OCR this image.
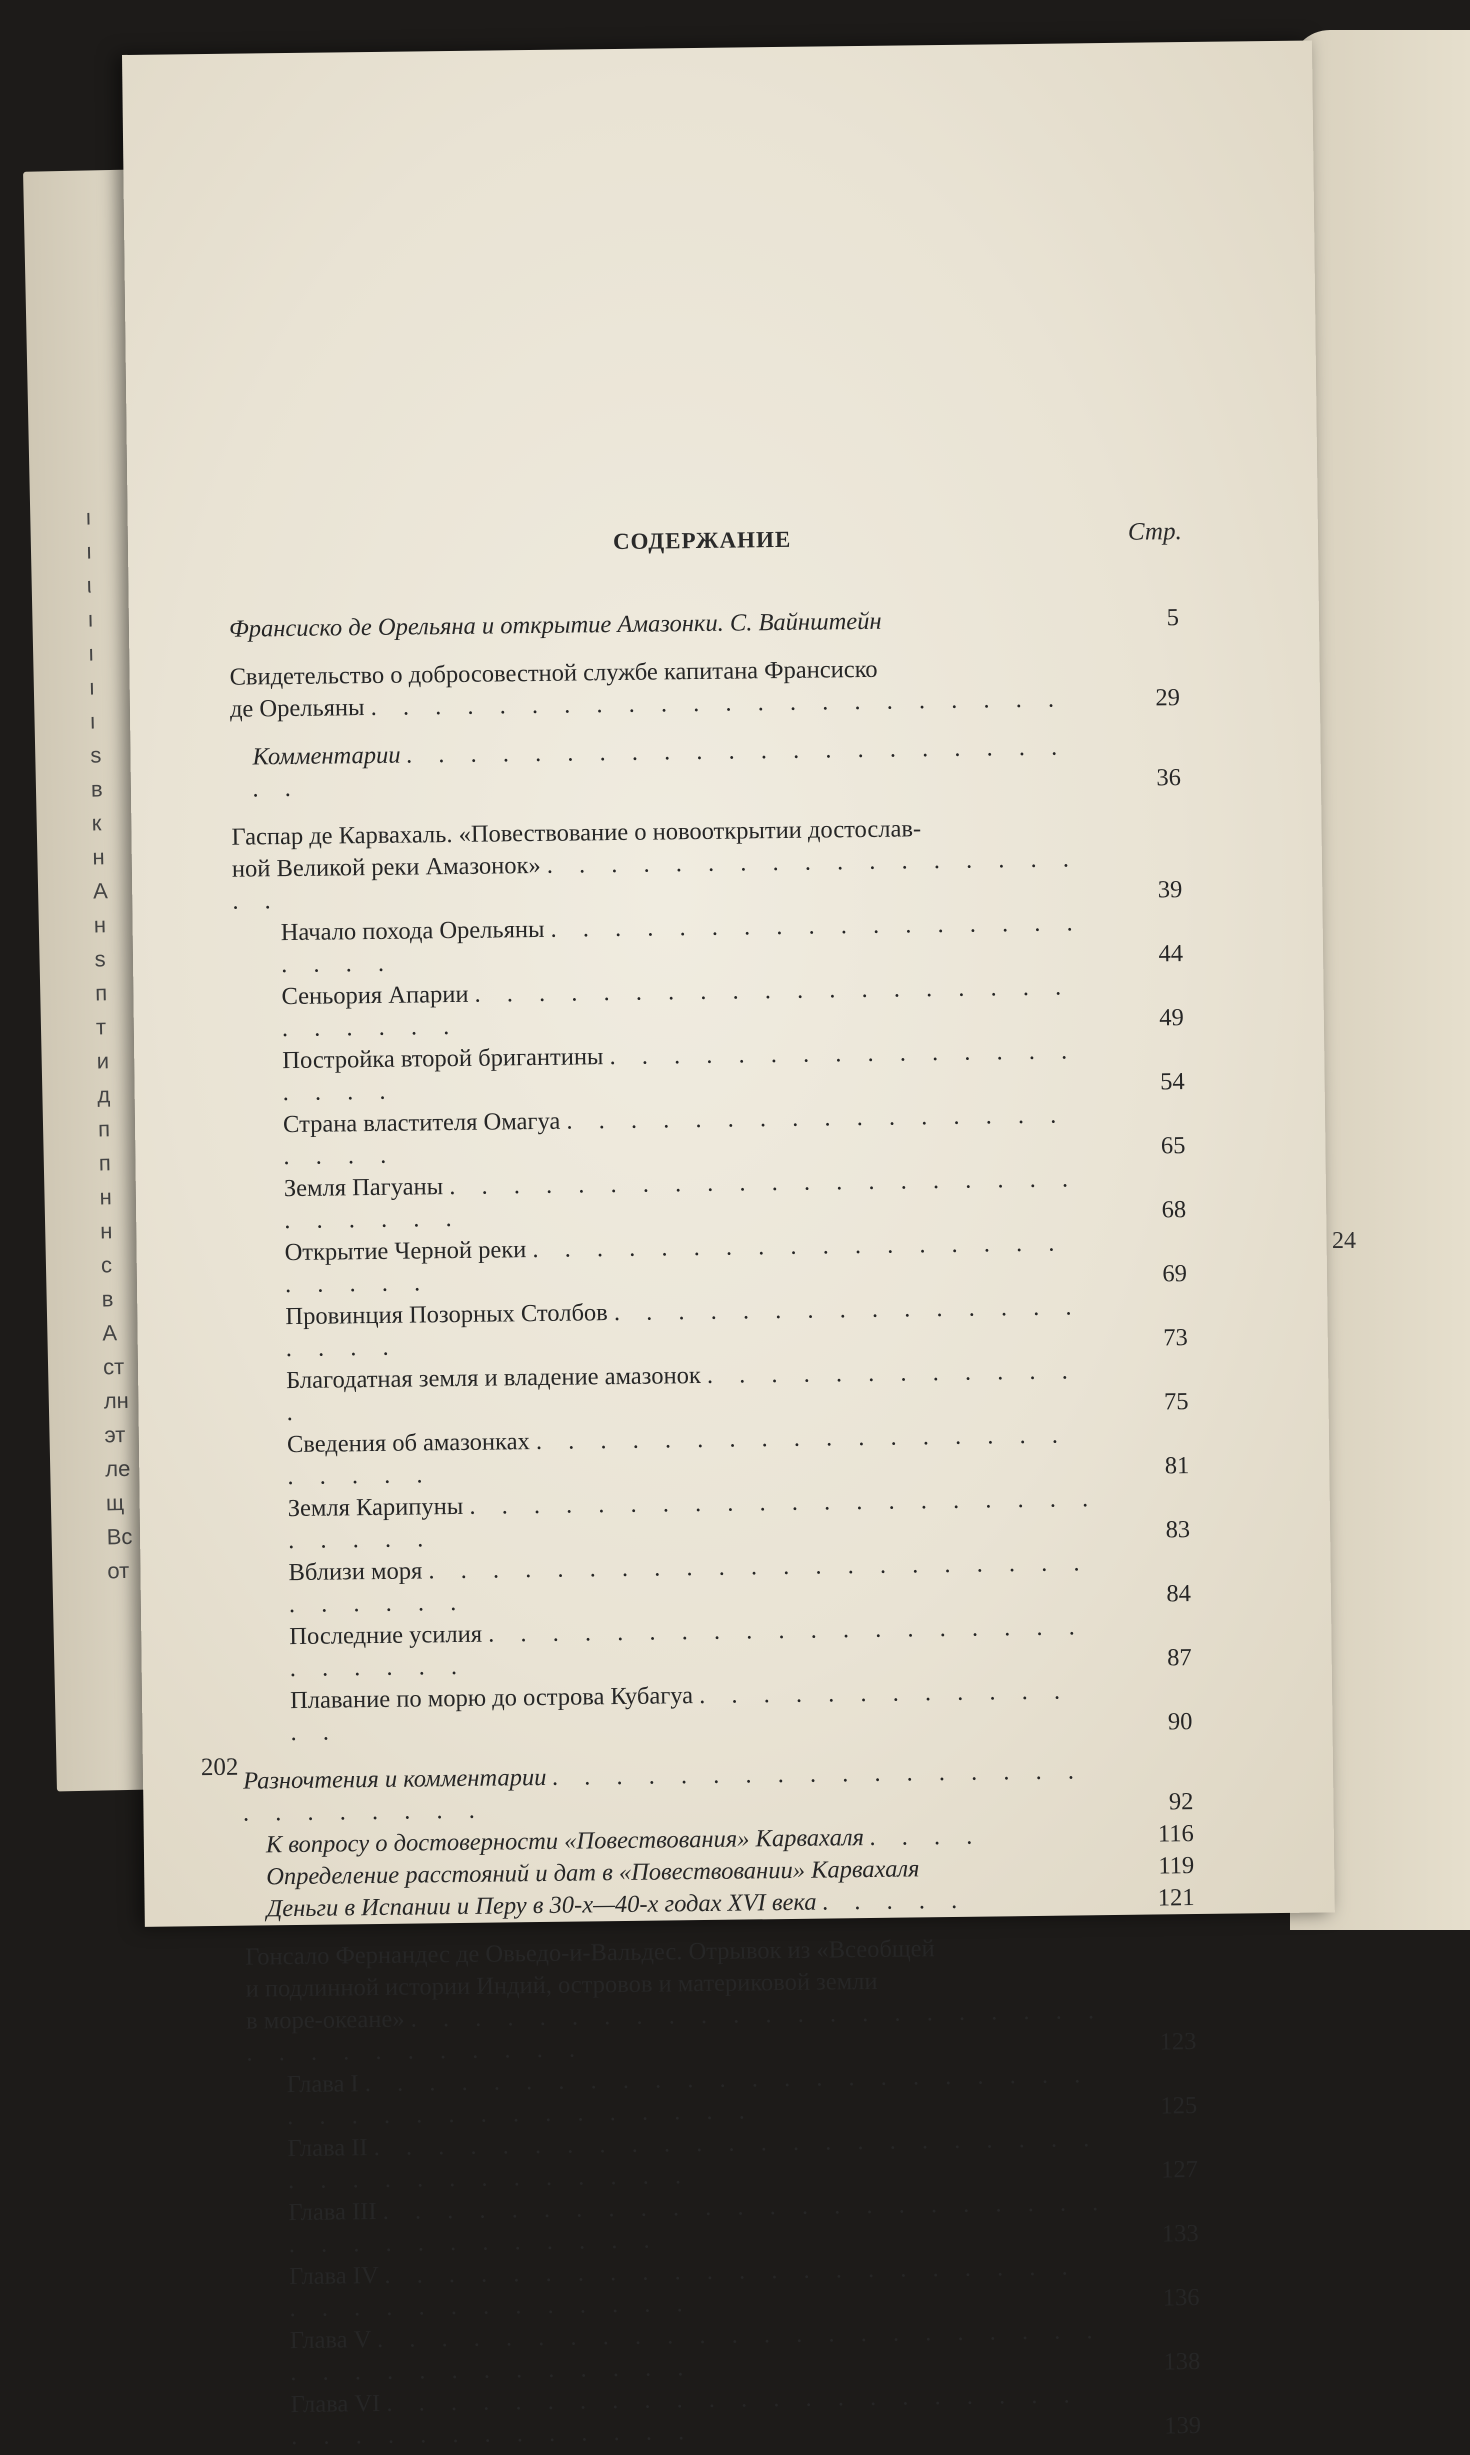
ı
ı
ι
ı
ı
ı
ı
s
в
к
н
А
н
s
п
т
и
д
п
п
н
н
с
в
А
ст
лн
эт
ле
щ
Вс
от
24
СОДЕРЖАНИЕ	Стр.
Франсиско де Орельяна и открытие Амазонки. С. Вайнштейн	5
Свидетельство о добросовестной службе капитана Франсиско
де Орельяны . . . . . . . . . . . . . . . . . . . . . .	29
Комментарии . . . . . . . . . . . . . . . . . . . . . . .	36
Гаспар де Карвахаль. «Повествование о новооткрытии достослав-
ной Великой реки Амазонок» . . . . . . . . . . . . . . . . . . .	39
Начало похода Орельяны . . . . . . . . . . . . . . . . . . . . .	44
Сеньория Апарии . . . . . . . . . . . . . . . . . . . . . . . . .	49
Постройка второй бригантины . . . . . . . . . . . . . . . . . . .	54
Страна властителя Омагуа . . . . . . . . . . . . . . . . . . . .	65
Земля Пагуаны . . . . . . . . . . . . . . . . . . . . . . . . . .	68
Открытие Черной реки . . . . . . . . . . . . . . . . . . . . . .	69
Провинция Позорных Столбов . . . . . . . . . . . . . . . . . . .	73
Благодатная земля и владение амазонок . . . . . . . . . . . . .	75
Сведения об амазонках . . . . . . . . . . . . . . . . . . . . . .	81
Земля Карипуны . . . . . . . . . . . . . . . . . . . . . . . . .	83
Вблизи моря . . . . . . . . . . . . . . . . . . . . . . . . . . .	84
Последние усилия . . . . . . . . . . . . . . . . . . . . . . . . .	87
Плавание по морю до острова Кубагуа . . . . . . . . . . . . . .	90
Разночтения и комментарии . . . . . . . . . . . . . . . . . . . . . . . . .	92
К вопросу о достоверности «Повествования» Карвахаля . . . .	116
Определение расстояний и дат в «Повествовании» Карвахаля	119
Деньги в Испании и Перу в 30-х—40-х годах XVI века . . . . .	121
Гонсало Фернандес де Овьедо-и-Вальдес. Отрывок из «Всеобщей
и подлинной истории Индий, островов и материковой земли
в море-океане» . . . . . . . . . . . . . . . . . . . . . . . . . . . . . . . . .	123
Глава I . . . . . . . . . . . . . . . . . . . . . . . . . . . . . . . . . . . . . .	125
Глава II . . . . . . . . . . . . . . . . . . . . . . . . . . . . . . . . . . . .	127
Глава III . . . . . . . . . . . . . . . . . . . . . . . . . . . . . . . . . . .	133
Глава IV . . . . . . . . . . . . . . . . . . . . . . . . . . . . . . . . . . .	136
Глава V . . . . . . . . . . . . . . . . . . . . . . . . . . . . . . . . . . . .	138
Глава VI . . . . . . . . . . . . . . . . . . . . . . . . . . . . . . . . . . .	139
202
